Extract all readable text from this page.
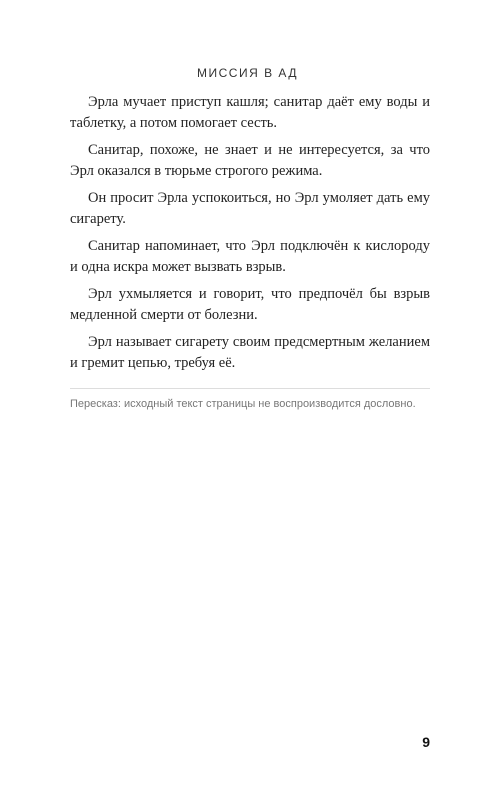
МИССИЯ В АД

Эрла мучает приступ кашля; санитар даёт ему воды и таблетку, а потом помогает сесть.

Санитар, похоже, не знает и не интересуется, за что Эрл оказался в тюрьме строгого режима.

Он просит Эрла успокоиться, но Эрл умоляет дать ему сигарету.

Санитар напоминает, что Эрл подключён к кислороду и одна искра может вызвать взрыв.

Эрл ухмыляется и говорит, что предпочёл бы взрыв медленной смерти от болезни.

Эрл называет сигарету своим предсмертным желанием и гремит цепью, требуя её.

Пересказ: исходный текст страницы не воспроизводится дословно.
9
